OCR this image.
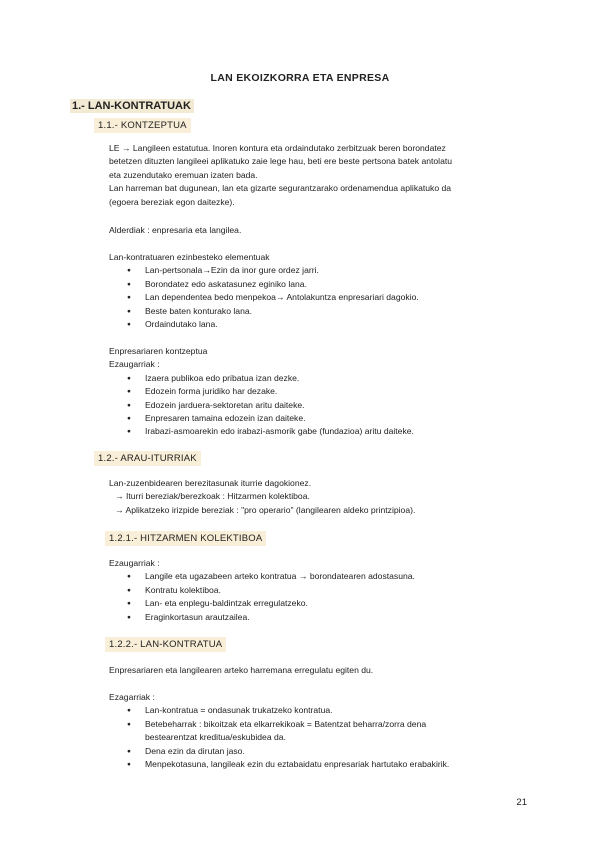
LAN EKOIZKORRA ETA ENPRESA
1.- LAN-KONTRATUAK
1.1.- KONTZEPTUA

LE → Langileen estatutua. Inoren kontura eta ordaindutako zerbitzuak beren borondatez

betetzen dituzten langileei aplikatuko zaie lege hau, beti ere beste pertsona batek antolatu

eta zuzendutako eremuan izaten bada.

Lan harreman bat dugunean, lan eta gizarte segurantzarako ordenamendua aplikatuko da

(egoera bereziak egon daitezke).

Alderdiak : enpresaria eta langilea.

Lan-kontratuaren ezinbesteko elementuak

● Lan-pertsonala→Ezin da inor gure ordez jarri.
● Borondatez edo askatasunez eginiko lana.
● Lan dependentea bedo menpekoa→ Antolakuntza enpresariari dagokio.
● Beste baten konturako lana.
● Ordaindutako lana.

Enpresariaren kontzeptua

Ezaugarriak :

● Izaera publikoa edo pribatua izan dezke.
● Edozein forma juridiko har dezake.
● Edozein jarduera-sektoretan aritu daiteke.
● Enpresaren tamaina edozein izan daiteke.
● Irabazi-asmoarekin edo irabazi-asmorik gabe (fundazioa) aritu daiteke.
1.2.- ARAU-ITURRIAK

Lan-zuzenbidearen berezitasunak iturrie dagokionez.

→ Iturri bereziak/berezkoak : Hitzarmen kolektiboa.

→ Aplikatzeko irizpide bereziak : "pro operario" (langilearen aldeko printzipioa).

1.2.1.- HITZARMEN KOLEKTIBOA

Ezaugarriak :

● Langile eta ugazabeen arteko kontratua → borondatearen adostasuna.
● Kontratu kolektiboa.
● Lan- eta enplegu-baldintzak erregulatzeko.
● Eraginkortasun arautzailea.
1.2.2.- LAN-KONTRATUA
Enpresariaren eta langilearen arteko harremana erregulatu egiten du.

Ezagarriak :

● Lan-kontratua = ondasunak trukatzeko kontratua.
● Betebeharrak : bikoitzak eta elkarrekikoak = Batentzat beharra/zorra dena
bestearentzat kreditua/eskubidea da.
● Dena ezin da dirutan jaso.
● Menpekotasuna, langileak ezin du eztabaidatu enpresariak hartutako erabakirik.
21
